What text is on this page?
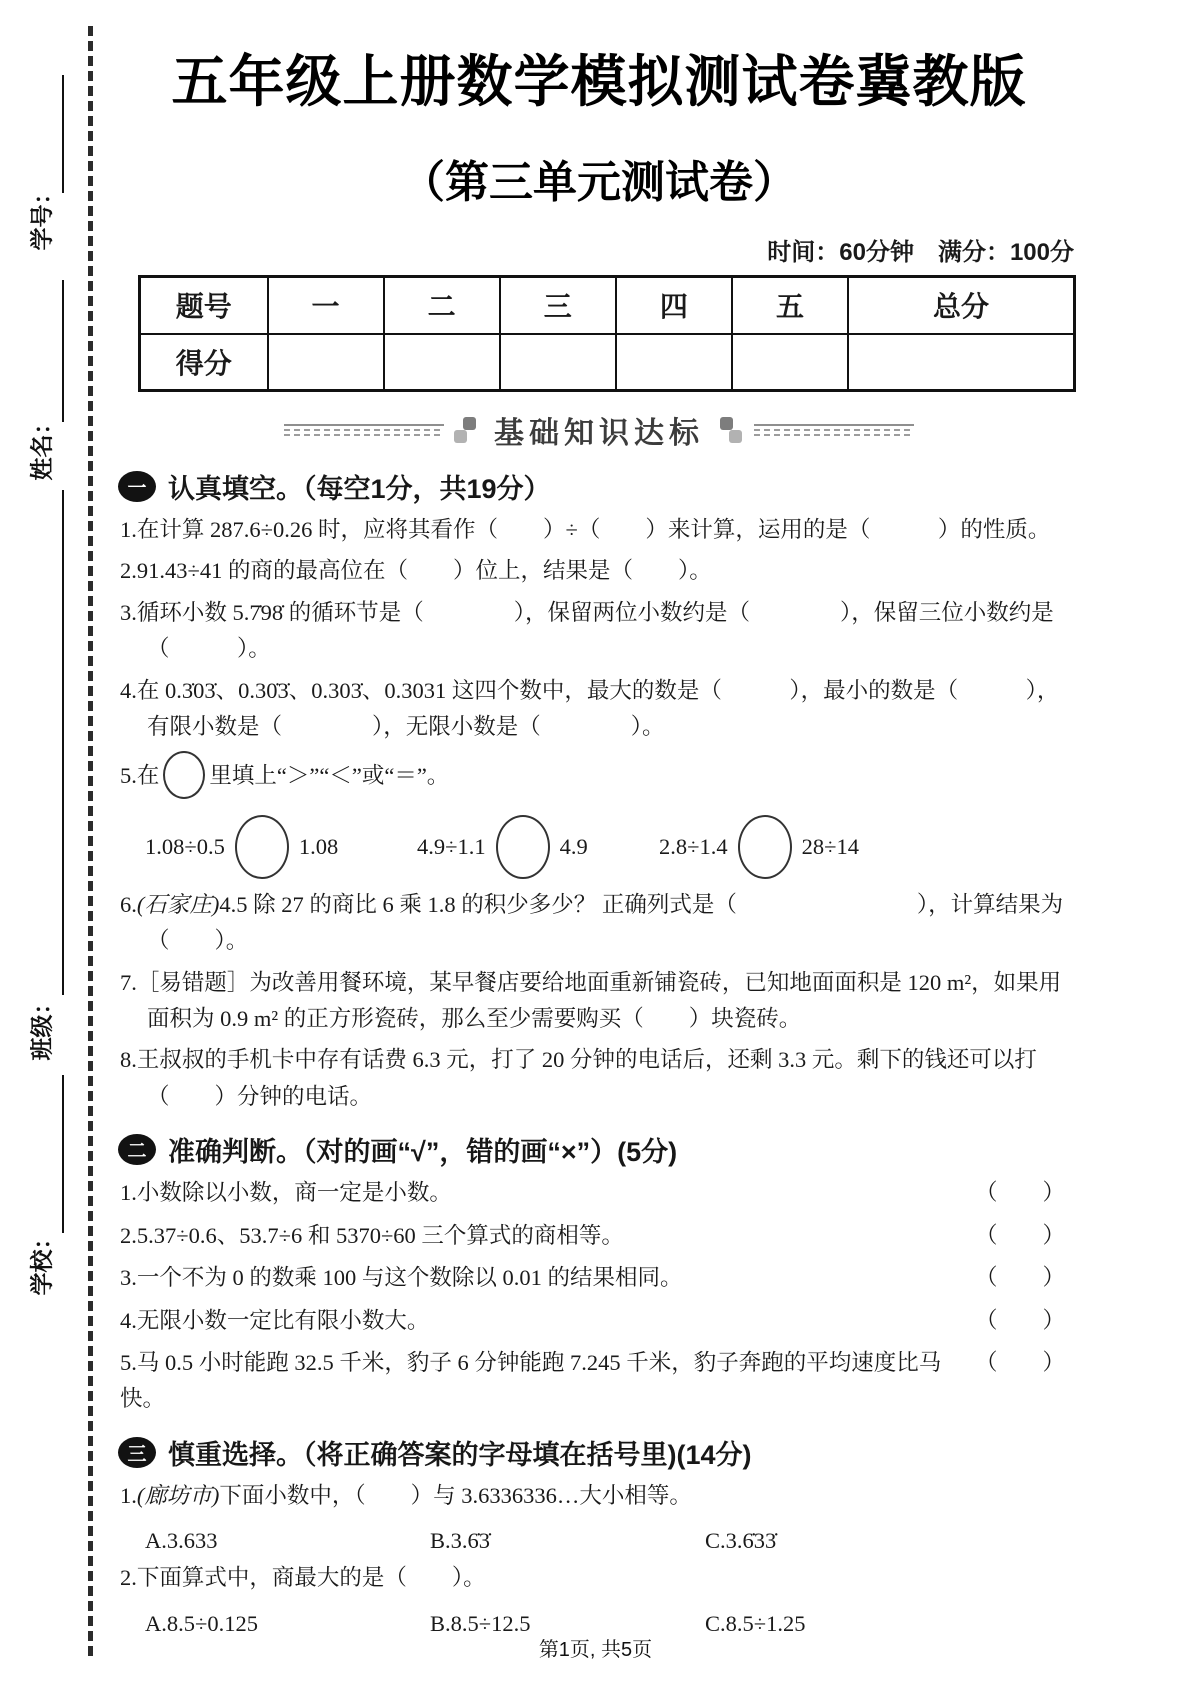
学号：
姓名：
班级：
学校：
五年级上册数学模拟测试卷冀教版
（第三单元测试卷）
时间：60分钟　满分：100分
题号	一	二	三	四	五	总分
得分						
基础知识达标
一 认真填空。（每空1分，共19分）
1.在计算 287.6÷0.26 时，应将其看作（　　）÷（　　）来计算，运用的是（　　　）的性质。
2.91.43÷41 的商的最高位在（　　）位上，结果是（　　）。
3.循环小数 5.7̇98̇ 的循环节是（　　　　），保留两位小数约是（　　　　），保留三位小数约是（　　　）。
4.在 0.3̇03̇、0.30̇3̇、0.303̇、0.3031 这四个数中，最大的数是（　　　），最小的数是（　　　），有限小数是（　　　　），无限小数是（　　　　）。
5.在 里填上“＞”“＜”或“＝”。
1.08÷0.5	1.08	4.9÷1.1	4.9	2.8÷1.4	28÷14
6.(石家庄)4.5 除 27 的商比 6 乘 1.8 的积少多少？ 正确列式是（　　　　　　　　），计算结果为（　　）。
7.［易错题］为改善用餐环境，某早餐店要给地面重新铺瓷砖，已知地面面积是 120 m²，如果用面积为 0.9 m² 的正方形瓷砖，那么至少需要购买（　　）块瓷砖。
8.王叔叔的手机卡中存有话费 6.3 元，打了 20 分钟的电话后，还剩 3.3 元。剩下的钱还可以打（　　）分钟的电话。
二 准确判断。（对的画“√”，错的画“×”）(5分)
1.小数除以小数，商一定是小数。	（　　）
2.5.37÷0.6、53.7÷6 和 5370÷60 三个算式的商相等。	（　　）
3.一个不为 0 的数乘 100 与这个数除以 0.01 的结果相同。	（　　）
4.无限小数一定比有限小数大。	（　　）
5.马 0.5 小时能跑 32.5 千米，豹子 6 分钟能跑 7.245 千米，豹子奔跑的平均速度比马快。
（　　）
三 慎重选择。（将正确答案的字母填在括号里)(14分)
1.(廊坊市)下面小数中，（　　）与 3.6336336…大小相等。
A.3.633	B.3.6̇3̇	C.3.6̇33̇
2.下面算式中，商最大的是（　　）。
A.8.5÷0.125	B.8.5÷12.5	C.8.5÷1.25
第1页, 共5页
